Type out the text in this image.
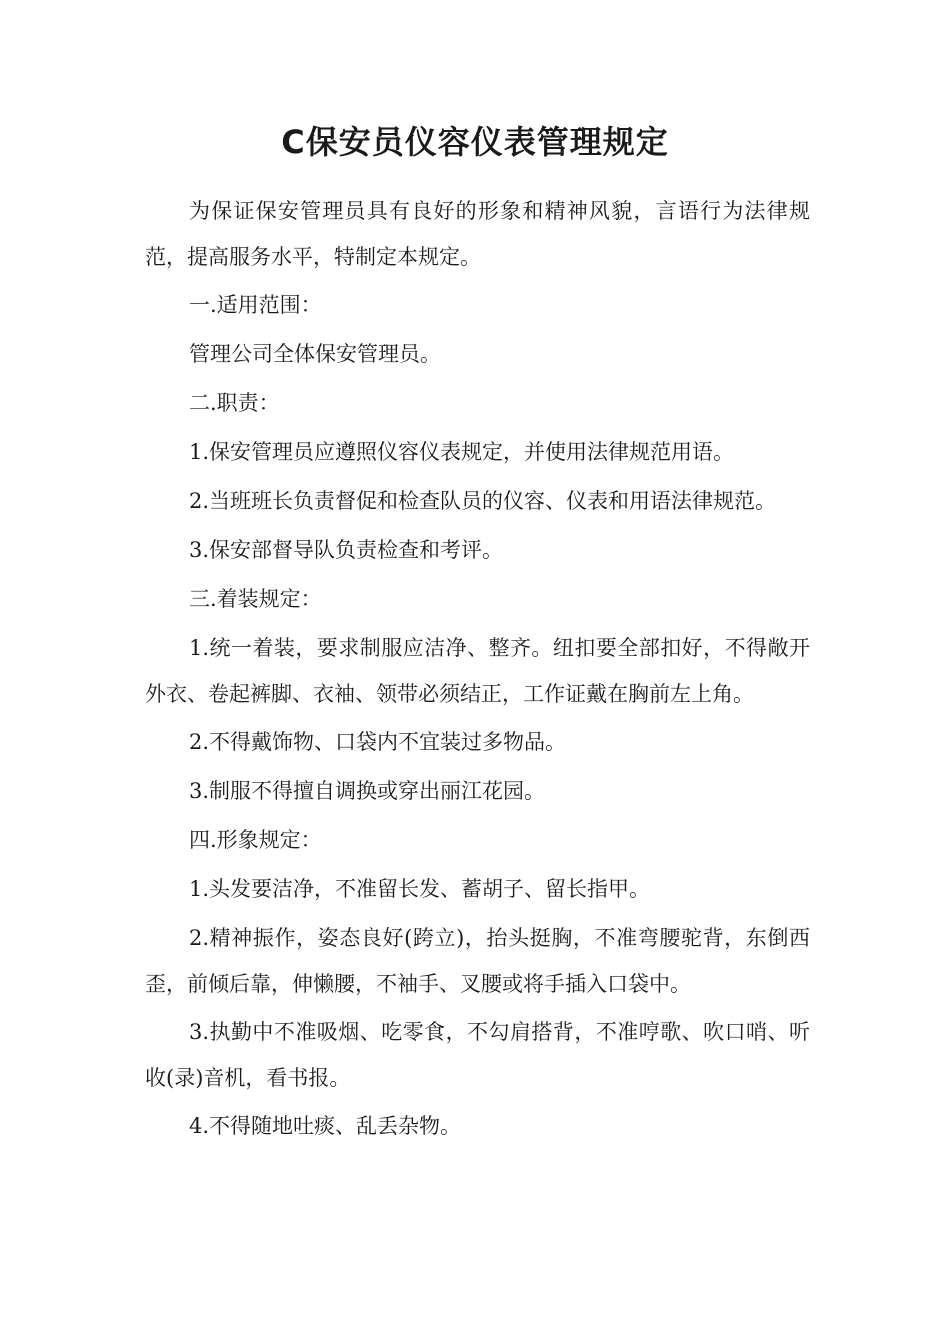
C保安员仪容仪表管理规定

为保证保安管理员具有良好的形象和精神风貌，言语行为法律规范，提高服务水平，特制定本规定。

一.适用范围：

管理公司全体保安管理员。

二.职责：

1.保安管理员应遵照仪容仪表规定，并使用法律规范用语。

2.当班班长负责督促和检查队员的仪容、仪表和用语法律规范。

3.保安部督导队负责检查和考评。

三.着装规定：

1.统一着装，要求制服应洁净、整齐。纽扣要全部扣好，不得敞开外衣、卷起裤脚、衣袖、领带必须结正，工作证戴在胸前左上角。

2.不得戴饰物、口袋内不宜装过多物品。

3.制服不得擅自调换或穿出丽江花园。

四.形象规定：

1.头发要洁净，不准留长发、蓄胡子、留长指甲。

2.精神振作，姿态良好(跨立)，抬头挺胸，不准弯腰驼背，东倒西歪，前倾后靠，伸懒腰，不袖手、叉腰或将手插入口袋中。

3.执勤中不准吸烟、吃零食，不勾肩搭背，不准哼歌、吹口哨、听收(录)音机，看书报。

4.不得随地吐痰、乱丢杂物。
